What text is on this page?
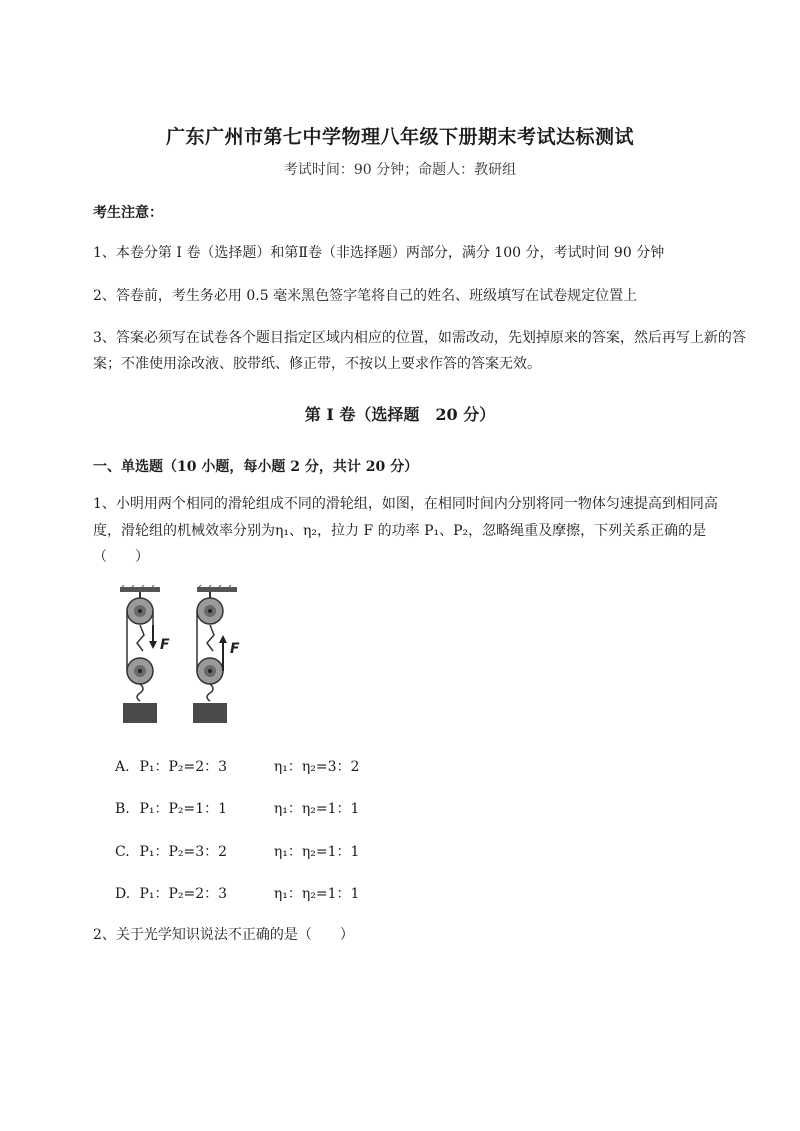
广东广州市第七中学物理八年级下册期末考试达标测试
考试时间：90 分钟；命题人：教研组
考生注意：
1、本卷分第 I 卷（选择题）和第Ⅱ卷（非选择题）两部分，满分 100 分，考试时间 90 分钟
2、答卷前，考生务必用 0.5 毫米黑色签字笔将自己的姓名、班级填写在试卷规定位置上
3、答案必须写在试卷各个题目指定区域内相应的位置，如需改动，先划掉原来的答案，然后再写上新的答案；不准使用涂改液、胶带纸、修正带，不按以上要求作答的答案无效。
第 I 卷（选择题　20 分）
一、单选题（10 小题，每小题 2 分，共计 20 分）
1、小明用两个相同的滑轮组成不同的滑轮组，如图，在相同时间内分别将同一物体匀速提高到相同高
度，滑轮组的机械效率分别为η₁、η₂，拉力 F 的功率 P₁、P₂，忽略绳重及摩擦，下列关系正确的是
（　　）
F	F
A. P₁：P₂=2：3	η₁：η₂=3：2
B. P₁：P₂=1：1	η₁：η₂=1：1
C. P₁：P₂=3：2	η₁：η₂=1：1
D. P₁：P₂=2：3	η₁：η₂=1：1
2、关于光学知识说法不正确的是（　　）
